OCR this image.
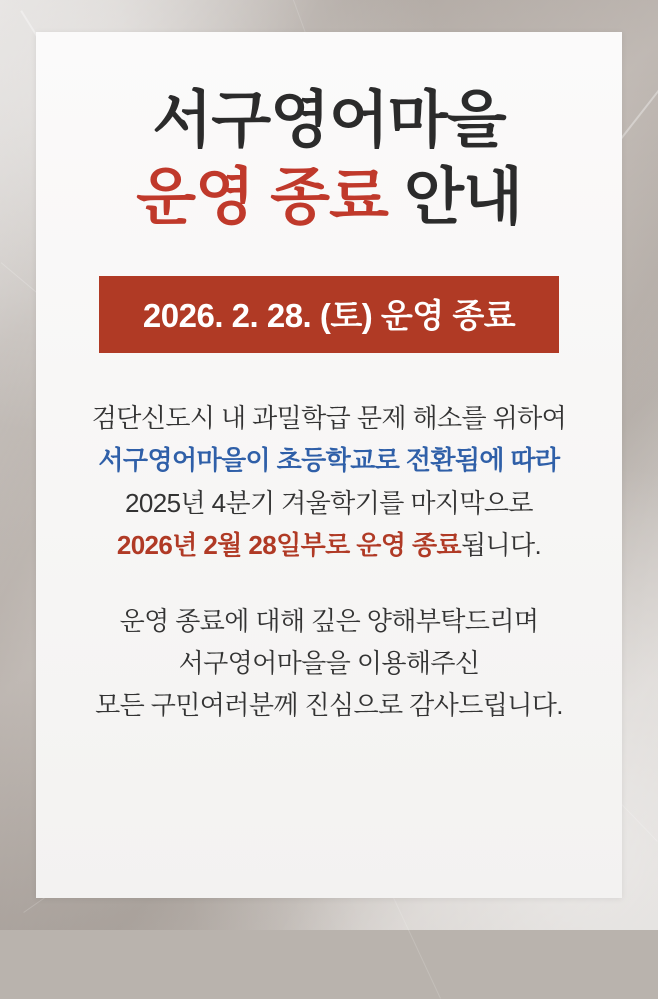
서구영어마을
운영 종료 안내
2026. 2. 28. (토) 운영 종료
검단신도시 내 과밀학급 문제 해소를 위하여
서구영어마을이 초등학교로 전환됨에 따라
2025년 4분기 겨울학기를 마지막으로
2026년 2월 28일부로 운영 종료됩니다.
운영 종료에 대해 깊은 양해부탁드리며
서구영어마을을 이용해주신
모든 구민여러분께 진심으로 감사드립니다.
